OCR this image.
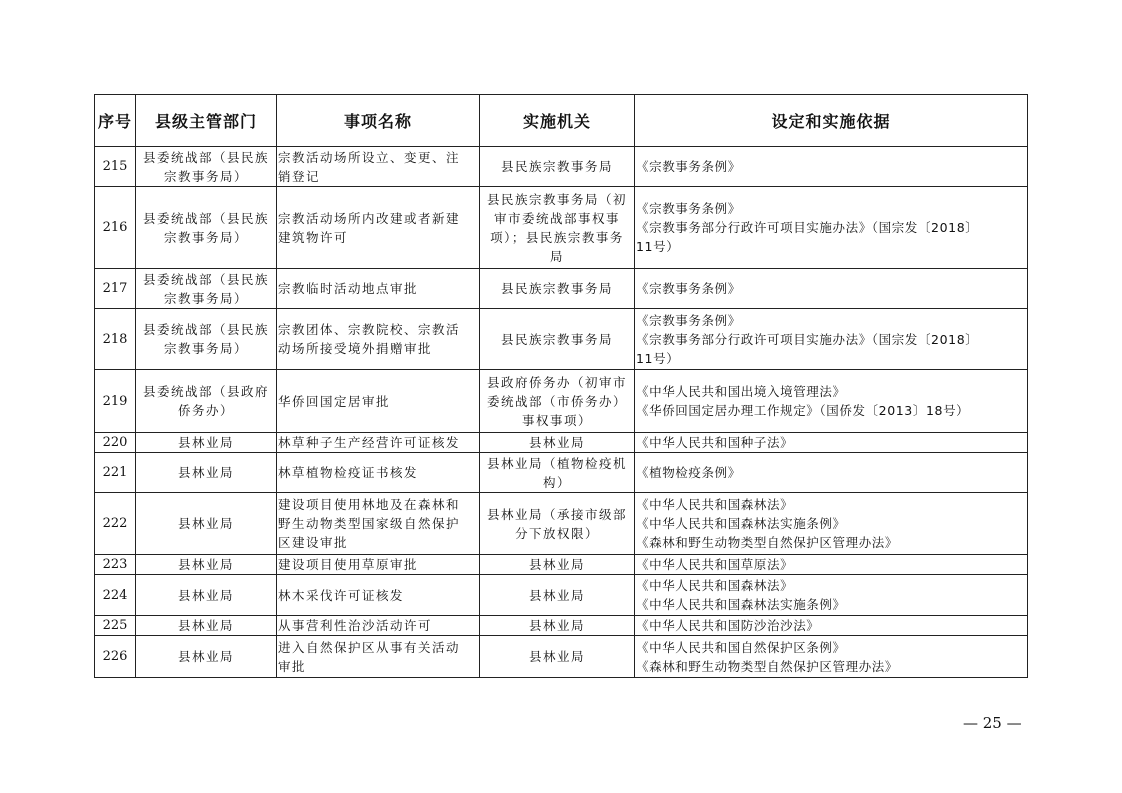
序号	县级主管部门	事项名称	实施机关	设定和实施依据
215	县委统战部（县民族
宗教事务局）	宗教活动场所设立、变更、注
销登记	县民族宗教事务局	《宗教事务条例》

216	县委统战部（县民族
宗教事务局）	宗教活动场所内改建或者新建
建筑物许可	县民族宗教事务局（初
审市委统战部事权事
项）；县民族宗教事务
局	《宗教事务条例》
《宗教事务部分行政许可项目实施办法》（国宗发〔2018〕
11号）

217	县委统战部（县民族
宗教事务局）	宗教临时活动地点审批	县民族宗教事务局	《宗教事务条例》

218	县委统战部（县民族
宗教事务局）	宗教团体、宗教院校、宗教活
动场所接受境外捐赠审批	县民族宗教事务局	《宗教事务条例》
《宗教事务部分行政许可项目实施办法》（国宗发〔2018〕
11号）

219	县委统战部（县政府
侨务办）	华侨回国定居审批	县政府侨务办（初审市
委统战部（市侨务办）
事权事项）	《中华人民共和国出境入境管理法》
《华侨回国定居办理工作规定》（国侨发〔2013〕18号）

220	县林业局	林草种子生产经营许可证核发	县林业局	《中华人民共和国种子法》

221	县林业局	林草植物检疫证书核发	县林业局（植物检疫机
构）	《植物检疫条例》

222	县林业局	建设项目使用林地及在森林和
野生动物类型国家级自然保护
区建设审批	县林业局（承接市级部
分下放权限）	《中华人民共和国森林法》
《中华人民共和国森林法实施条例》
《森林和野生动物类型自然保护区管理办法》

223	县林业局	建设项目使用草原审批	县林业局	《中华人民共和国草原法》

224	县林业局	林木采伐许可证核发	县林业局	《中华人民共和国森林法》
《中华人民共和国森林法实施条例》

225	县林业局	从事营利性治沙活动许可	县林业局	《中华人民共和国防沙治沙法》

226	县林业局	进入自然保护区从事有关活动
审批	县林业局	《中华人民共和国自然保护区条例》
《森林和野生动物类型自然保护区管理办法》
— 25 —
